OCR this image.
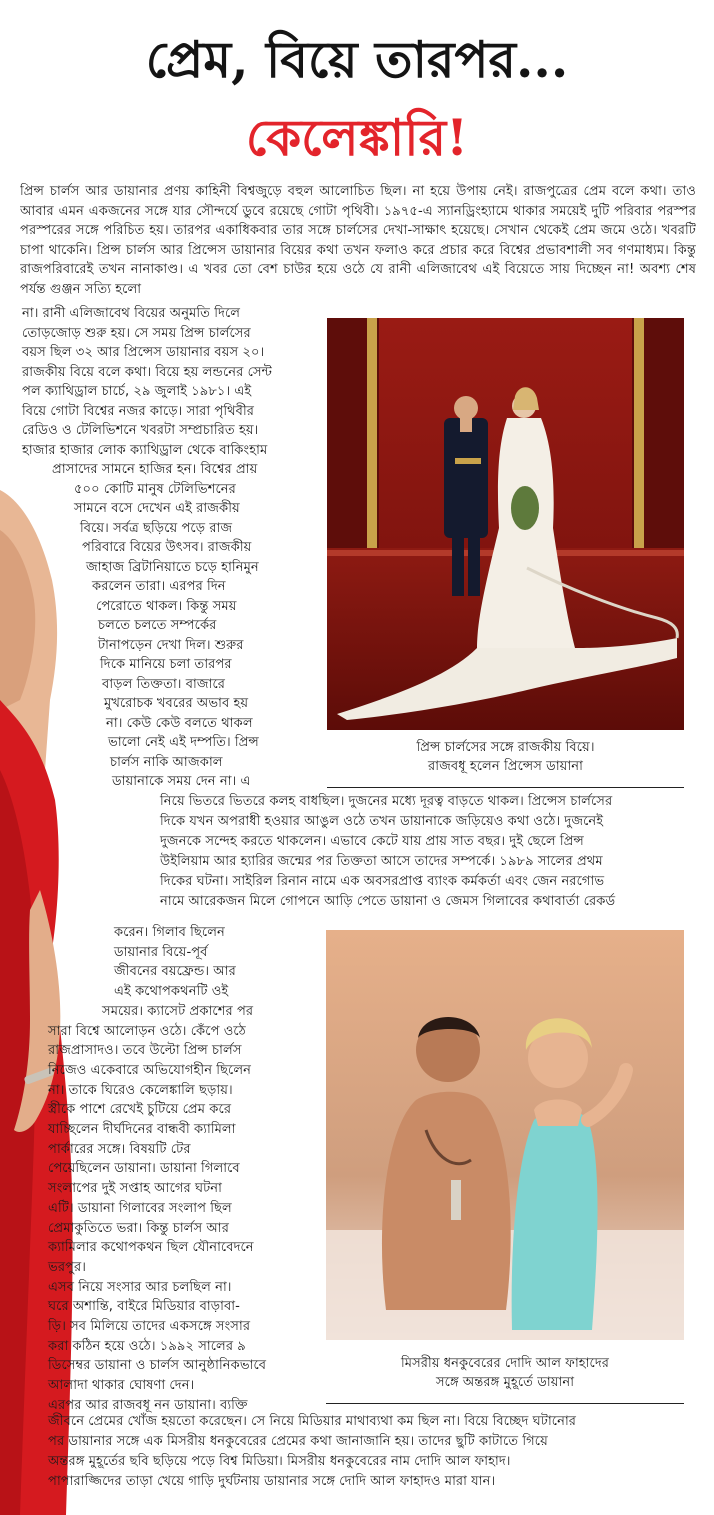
প্রেম, বিয়ে তারপর...
কেলেঙ্কারি!

প্রিন্স চার্লস আর ডায়ানার প্রণয় কাহিনী বিশ্বজুড়ে বহুল আলোচিত ছিল। না হয়ে উপায় নেই। রাজপুত্রের প্রেম বলে কথা। তাও আবার এমন একজনের সঙ্গে যার সৌন্দর্যে ডুবে রয়েছে গোটা পৃথিবী। ১৯৭৫-এ স্যানড্রিংহ্যামে থাকার সময়েই দুটি পরিবার পরস্পর পরস্পরের সঙ্গে পরিচিত হয়। তারপর একাধিকবার তার সঙ্গে চার্লসের দেখা-সাক্ষাৎ হয়েছে। সেখান থেকেই প্রেম জমে ওঠে। খবরটি চাপা থাকেনি। প্রিন্স চার্লস আর প্রিন্সেস ডায়ানার বিয়ের কথা তখন ফলাও করে প্রচার করে বিশ্বের প্রভাবশালী সব গণমাধ্যম। কিন্তু রাজপরিবারেই তখন নানাকাণ্ড। এ খবর তো বেশ চাউর হয়ে ওঠে যে রানী এলিজাবেথ এই বিয়েতে সায় দিচ্ছেন না! অবশ্য শেষ পর্যন্ত গুঞ্জন সত্যি হলো

না। রানী এলিজাবেথ বিয়ের অনুমতি দিলে
তোড়জোড় শুরু হয়। সে সময় প্রিন্স চার্লসের
বয়স ছিল ৩২ আর প্রিন্সেস ডায়ানার বয়স ২০।
রাজকীয় বিয়ে বলে কথা। বিয়ে হয় লন্ডনের সেন্ট
পল ক্যাথিড্রাল চার্চে, ২৯ জুলাই ১৯৮১। এই
বিয়ে গোটা বিশ্বের নজর কাড়ে। সারা পৃথিবীর
রেডিও ও টেলিভিশনে খবরটা সম্প্রচারিত হয়।
হাজার হাজার লোক ক্যাথিড্রাল থেকে বাকিংহাম
প্রাসাদের সামনে হাজির হন। বিশ্বের প্রায়
৫০০ কোটি মানুষ টেলিভিশনের
সামনে বসে দেখেন এই রাজকীয়
বিয়ে। সর্বত্র ছড়িয়ে পড়ে রাজ
পরিবারে বিয়ের উৎসব। রাজকীয়
জাহাজ ব্রিটানিয়াতে চড়ে হানিমুন
করলেন তারা। এরপর দিন
পেরোতে থাকল। কিন্তু সময়
চলতে চলতে সম্পর্কের
টানাপড়েন দেখা দিল। শুরুর
দিকে মানিয়ে চলা তারপর
বাড়ল তিক্ততা। বাজারে
মুখরোচক খবরের অভাব হয়
না। কেউ কেউ বলতে থাকল
ভালো নেই এই দম্পতি। প্রিন্স
চার্লস নাকি আজকাল
ডায়ানাকে সময় দেন না। এ
প্রিন্স চার্লসের সঙ্গে রাজকীয় বিয়ে।
রাজবধূ হলেন প্রিন্সেস ডায়ানা
নিয়ে ভিতরে ভিতরে কলহ বাধছিল। দুজনের মধ্যে দূরত্ব বাড়তে থাকল। প্রিন্সেস চার্লসের
দিকে যখন অপরাধী হওয়ার আঙুল ওঠে তখন ডায়ানাকে জড়িয়েও কথা ওঠে। দুজনেই
দুজনকে সন্দেহ করতে থাকলেন। এভাবে কেটে যায় প্রায় সাত বছর। দুই ছেলে প্রিন্স
উইলিয়াম আর হ্যারির জন্মের পর তিক্ততা আসে তাদের সম্পর্কে। ১৯৮৯ সালের প্রথম
দিকের ঘটনা। সাইরিল রিনান নামে এক অবসরপ্রাপ্ত ব্যাংক কর্মকর্তা এবং জেন নরগোভ
নামে আরেকজন মিলে গোপনে আড়ি পেতে ডায়ানা ও জেমস গিলাবের কথাবার্তা রেকর্ড
করেন। গিলাব ছিলেন
ডায়ানার বিয়ে-পূর্ব
জীবনের বয়ফ্রেন্ড। আর
এই কথোপকথনটি ওই
সময়ের। ক্যাসেট প্রকাশের পর
সারা বিশ্বে আলোড়ন ওঠে। কেঁপে ওঠে
রাজপ্রাসাদও। তবে উল্টো প্রিন্স চার্লস
নিজেও একেবারে অভিযোগহীন ছিলেন
না। তাকে ঘিরেও কেলেঙ্কালি ছড়ায়।
স্ত্রীকে পাশে রেখেই চুটিয়ে প্রেম করে
যাচ্ছিলেন দীর্ঘদিনের বান্ধবী ক্যামিলা
পার্কারের সঙ্গে। বিষয়টি টের
পেয়েছিলেন ডায়ানা। ডায়ানা গিলাবে
সংলাপের দুই সপ্তাহ আগের ঘটনা
এটি। ডায়ানা গিলাবের সংলাপ ছিল
প্রেমাকুতিতে ভরা। কিন্তু চার্লস আর
ক্যামিলার কথোপকথন ছিল যৌনাবেদনে
ভরপুর।
এসব নিয়ে সংসার আর চলছিল না।
ঘরে অশান্তি, বাইরে মিডিয়ার বাড়াবা-
ড়ি। সব মিলিয়ে তাদের একসঙ্গে সংসার
করা কঠিন হয়ে ওঠে। ১৯৯২ সালের ৯
ডিসেম্বর ডায়ানা ও চার্লস আনুষ্ঠানিকভাবে
আলাদা থাকার ঘোষণা দেন।
এরপর আর রাজবধূ নন ডায়ানা। ব্যক্তি
মিসরীয় ধনকুবেরের দোদি আল ফাহাদের
সঙ্গে অন্তরঙ্গ মুহূর্তে ডায়ানা
জীবনে প্রেমের খোঁজ হয়তো করেছেন। সে নিয়ে মিডিয়ার মাথাব্যথা কম ছিল না। বিয়ে বিচ্ছেদ ঘটানোর
পর ডায়ানার সঙ্গে এক মিসরীয় ধনকুবেরের প্রেমের কথা জানাজানি হয়। তাদের ছুটি কাটাতে গিয়ে
অন্তরঙ্গ মুহূর্তের ছবি ছড়িয়ে পড়ে বিশ্ব মিডিয়া। মিসরীয় ধনকুবেরের নাম দোদি আল ফাহাদ।
পাপারাজ্জিদের তাড়া খেয়ে গাড়ি দুর্ঘটনায় ডায়ানার সঙ্গে দোদি আল ফাহাদও মারা যান।
